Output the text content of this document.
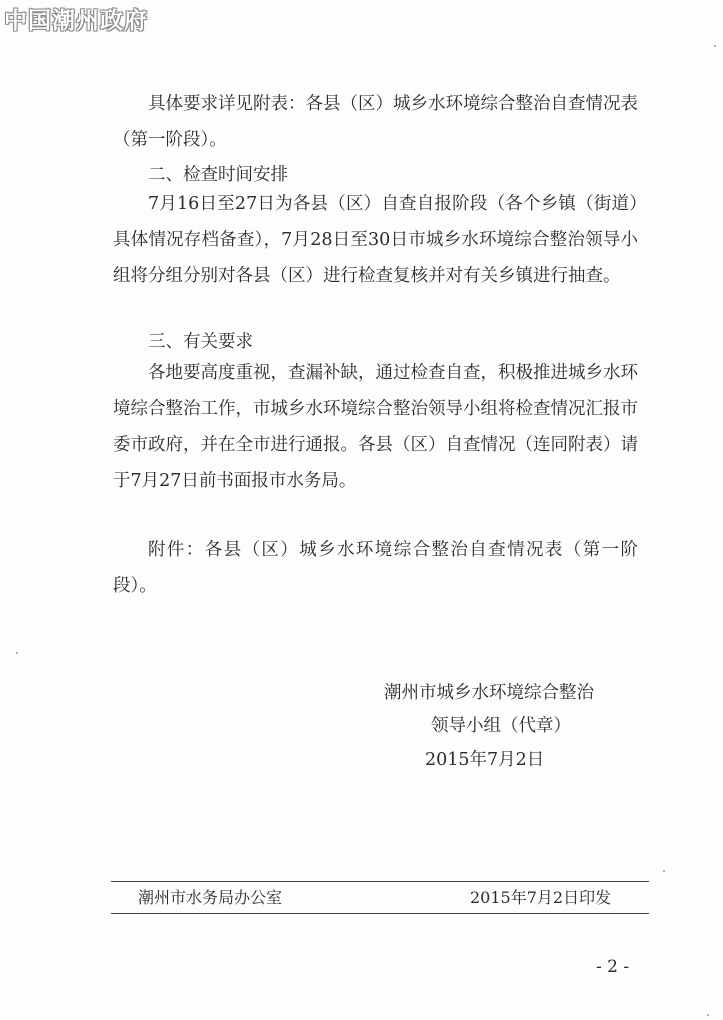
中国潮州政府

具体要求详见附表：各县（区）城乡水环境综合整治自查情况表（第一阶段）。

二、检查时间安排

7月16日至27日为各县（区）自查自报阶段（各个乡镇（街道）具体情况存档备查），7月28日至30日市城乡水环境综合整治领导小组将分组分别对各县（区）进行检查复核并对有关乡镇进行抽查。

三、有关要求

各地要高度重视，查漏补缺，通过检查自查，积极推进城乡水环境综合整治工作，市城乡水环境综合整治领导小组将检查情况汇报市委市政府，并在全市进行通报。各县（区）自查情况（连同附表）请于7月27日前书面报市水务局。

附件：各县（区）城乡水环境综合整治自查情况表（第一阶段）。

潮州市城乡水环境综合整治
领导小组（代章）
2015年7月2日
潮州市水务局办公室	2015年7月2日印发
- 2 -
